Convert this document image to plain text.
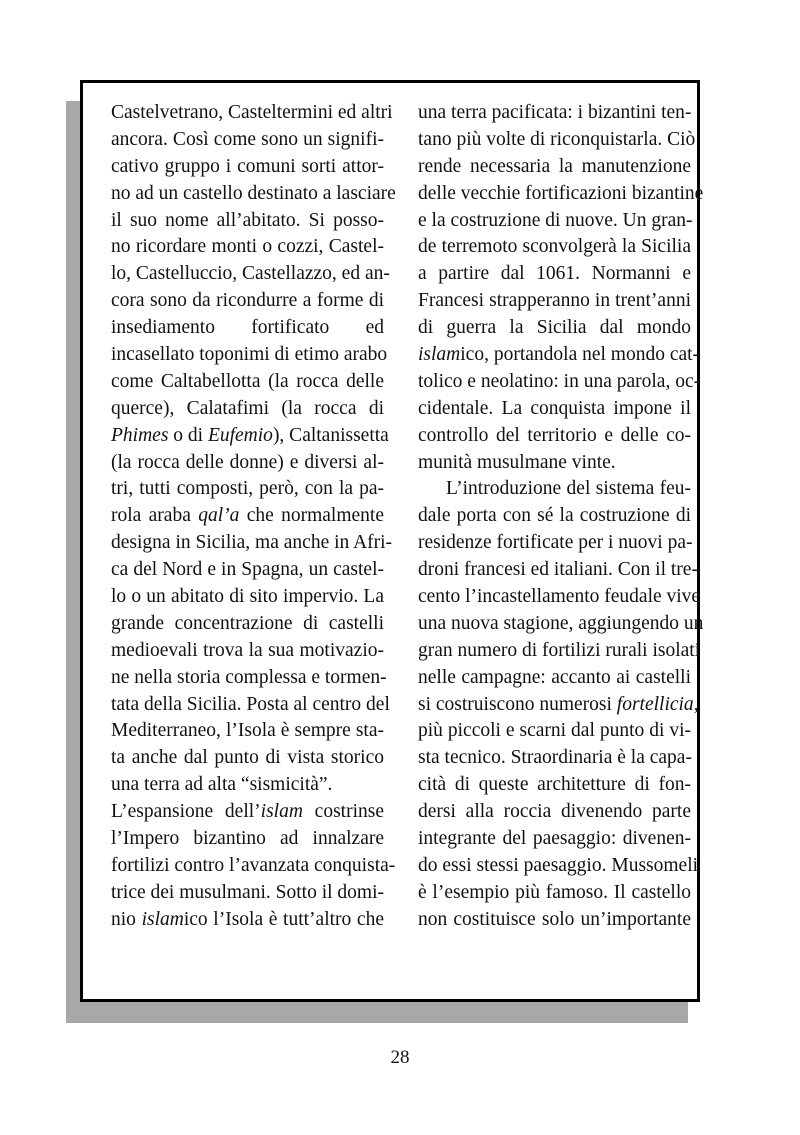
Castelvetrano, Casteltermini ed altri
ancora. Così come sono un signifi-
cativo gruppo i comuni sorti attor-
no ad un castello destinato a lasciare
il suo nome all’abitato. Si posso-
no ricordare monti o cozzi, Castel-
lo, Castelluccio, Castellazzo, ed an-
cora sono da ricondurre a forme di
insediamento fortificato ed
incasellato toponimi di etimo arabo
come Caltabellotta (la rocca delle
querce), Calatafimi (la rocca di
Phimes o di Eufemio), Caltanissetta
(la rocca delle donne) e diversi al-
tri, tutti composti, però, con la pa-
rola araba qal’a che normalmente
designa in Sicilia, ma anche in Afri-
ca del Nord e in Spagna, un castel-
lo o un abitato di sito impervio. La
grande concentrazione di castelli
medioevali trova la sua motivazio-
ne nella storia complessa e tormen-
tata della Sicilia. Posta al centro del
Mediterraneo, l’Isola è sempre sta-
ta anche dal punto di vista storico
una terra ad alta “sismicità”.
L’espansione dell’islam costrinse
l’Impero bizantino ad innalzare
fortilizi contro l’avanzata conquista-
trice dei musulmani. Sotto il domi-
nio islamico l’Isola è tutt’altro che
una terra pacificata: i bizantini ten-
tano più volte di riconquistarla. Ciò
rende necessaria la manutenzione
delle vecchie fortificazioni bizantine
e la costruzione di nuove. Un gran-
de terremoto sconvolgerà la Sicilia
a partire dal 1061. Normanni e
Francesi strapperanno in trent’anni
di guerra la Sicilia dal mondo
islamico, portandola nel mondo cat-
tolico e neolatino: in una parola, oc-
cidentale. La conquista impone il
controllo del territorio e delle co-
munità musulmane vinte.
L’introduzione del sistema feu-
dale porta con sé la costruzione di
residenze fortificate per i nuovi pa-
droni francesi ed italiani. Con il tre-
cento l’incastellamento feudale vive
una nuova stagione, aggiungendo un
gran numero di fortilizi rurali isolati
nelle campagne: accanto ai castelli
si costruiscono numerosi fortellicia,
più piccoli e scarni dal punto di vi-
sta tecnico. Straordinaria è la capa-
cità di queste architetture di fon-
dersi alla roccia divenendo parte
integrante del paesaggio: divenen-
do essi stessi paesaggio. Mussomeli
è l’esempio più famoso. Il castello
non costituisce solo un’importante
28
